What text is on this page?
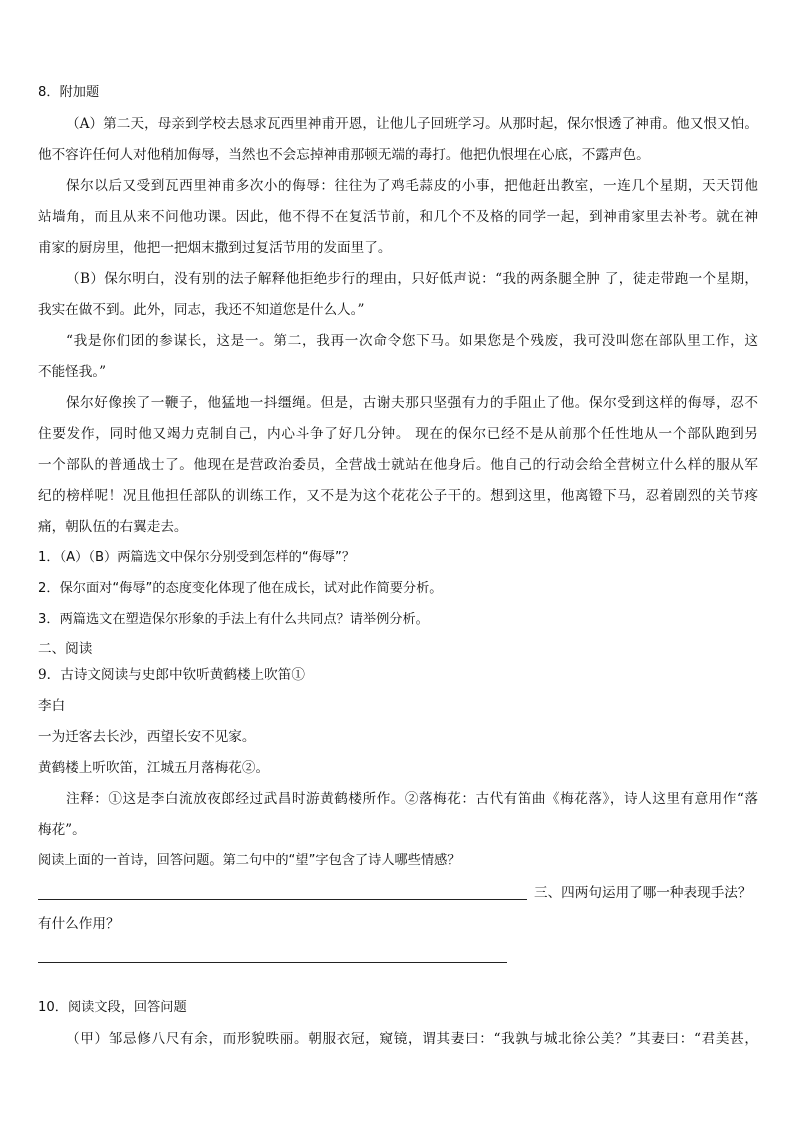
8．附加题
（A）第二天，母亲到学校去恳求瓦西里神甫开恩，让他儿子回班学习。从那时起，保尔恨透了神甫。他又恨又怕。
他不容许任何人对他稍加侮辱，当然也不会忘掉神甫那顿无端的毒打。他把仇恨埋在心底，不露声色。
保尔以后又受到瓦西里神甫多次小的侮辱：往往为了鸡毛蒜皮的小事，把他赶出教室，一连几个星期，天天罚他
站墙角，而且从来不问他功课。因此，他不得不在复活节前，和几个不及格的同学一起，到神甫家里去补考。就在神
甫家的厨房里，他把一把烟末撒到过复活节用的发面里了。
（B）保尔明白，没有别的法子解释他拒绝步行的理由，只好低声说：“我的两条腿全肿 了，徒走带跑一个星期，
我实在做不到。此外，同志，我还不知道您是什么人。”
“我是你们团的参谋长，这是一。第二，我再一次命令您下马。如果您是个残废，我可没叫您在部队里工作，这
不能怪我。”
保尔好像挨了一鞭子，他猛地一抖缰绳。但是，古谢夫那只坚强有力的手阻止了他。保尔受到这样的侮辱，忍不
住要发作，同时他又竭力克制自己，内心斗争了好几分钟。 现在的保尔已经不是从前那个任性地从一个部队跑到另
一个部队的普通战士了。他现在是营政治委员，全营战士就站在他身后。他自己的行动会给全营树立什么样的服从军
纪的榜样呢！况且他担任部队的训练工作，又不是为这个花花公子干的。想到这里，他离镫下马，忍着剧烈的关节疼
痛，朝队伍的右翼走去。
1．（A）（B）两篇选文中保尔分别受到怎样的“侮辱”？
2．保尔面对“侮辱”的态度变化体现了他在成长，试对此作简要分析。
3．两篇选文在塑造保尔形象的手法上有什么共同点？请举例分析。
二、阅读
9．古诗文阅读与史郎中钦听黄鹤楼上吹笛①
李白
一为迁客去长沙，西望长安不见家。
黄鹤楼上听吹笛，江城五月落梅花②。
注释：①这是李白流放夜郎经过武昌时游黄鹤楼所作。②落梅花：古代有笛曲《梅花落》，诗人这里有意用作“落
梅花”。
阅读上面的一首诗，回答问题。第二句中的“望”字包含了诗人哪些情感？
三、四两句运用了哪一种表现手法？
有什么作用？
10．阅读文段，回答问题
（甲）邹忌修八尺有余，而形貌昳丽。朝服衣冠，窥镜，谓其妻曰：“我孰与城北徐公美？”其妻曰：“君美甚，
